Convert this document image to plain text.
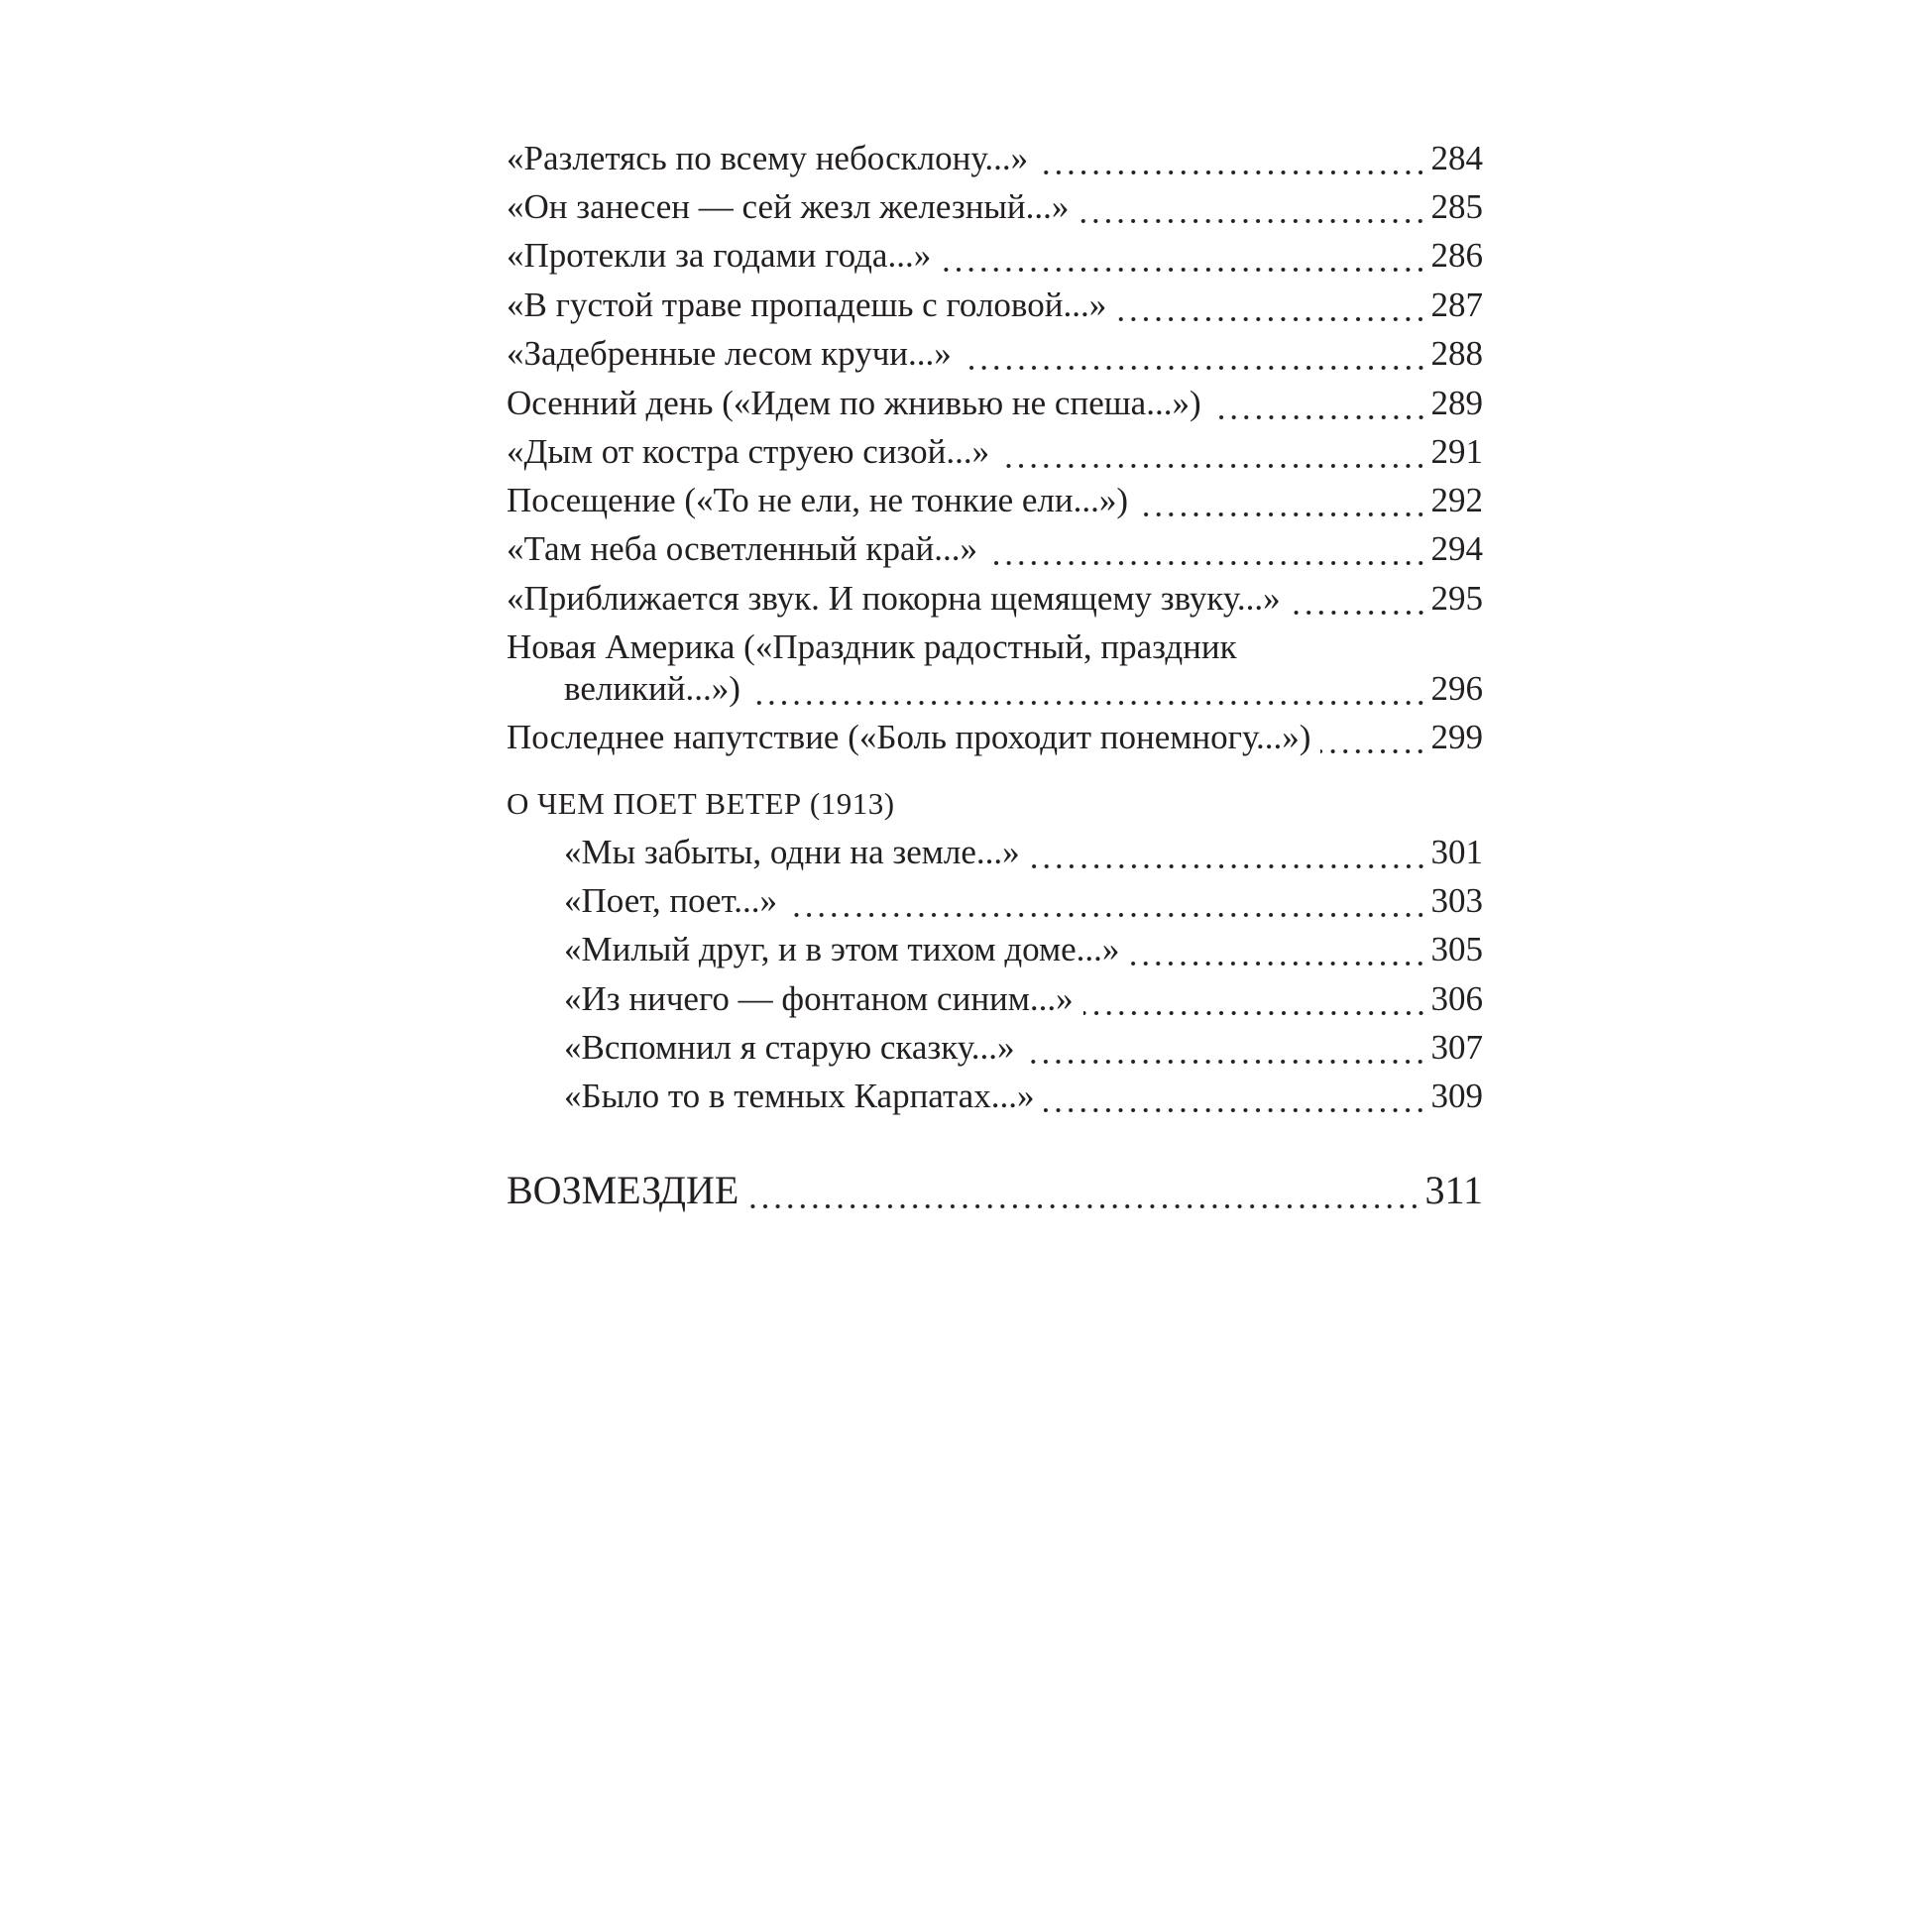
«Разлетясь по всему небосклону...»	284
«Он занесен — сей жезл железный...»	285
«Протекли за годами года...»	286
«В густой траве пропадешь с головой...»	287
«Задебренные лесом кручи...»	288
Осенний день («Идем по жнивью не спеша...»)	289
«Дым от костра струею сизой...»	291
Посещение («То не ели, не тонкие ели...»)	292
«Там неба осветленный край...»	294
«Приближается звук. И покорна щемящему звуку...»	295
Новая Америка («Праздник радостный, праздник
великий...»)	296
Последнее напутствие («Боль проходит понемногу...»)	299
О ЧЕМ ПОЕТ ВЕТЕР (1913)
«Мы забыты, одни на земле...»	301
«Поет, поет...»	303
«Милый друг, и в этом тихом доме...»	305
«Из ничего — фонтаном синим...»	306
«Вспомнил я старую сказку...»	307
«Было то в темных Карпатах...»	309
ВОЗМЕЗДИЕ	311
